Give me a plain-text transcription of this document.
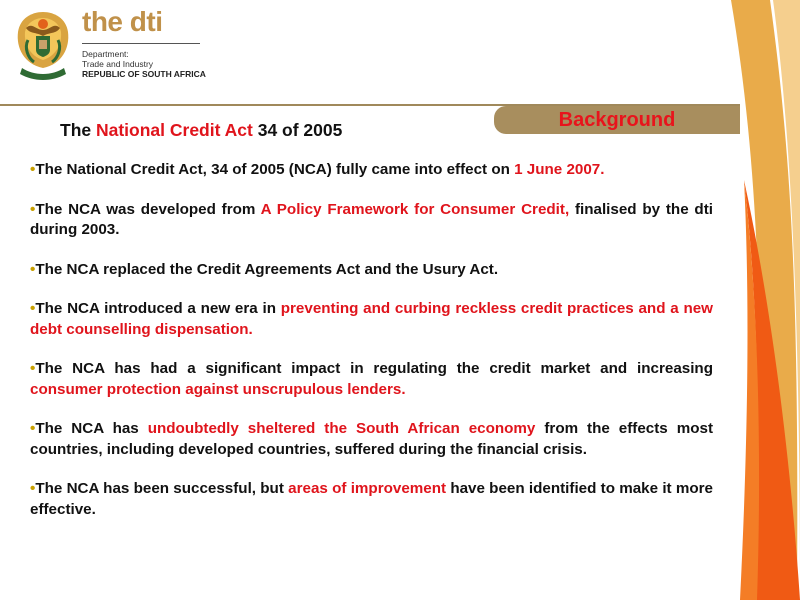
the dti
Department:
Trade and Industry
REPUBLIC OF SOUTH AFRICA
Background
The National Credit Act 34 of 2005

•The National Credit Act, 34 of 2005 (NCA) fully came into effect on 1 June 2007.

•The NCA was developed from A Policy Framework for Consumer Credit, finalised by the dti during 2003.

•The NCA replaced the Credit Agreements Act and the Usury Act.

•The NCA introduced a new era in preventing and curbing reckless credit practices and a new debt counselling dispensation.

•The NCA has had a significant impact in regulating the credit market and increasing consumer protection against unscrupulous lenders.

•The NCA has undoubtedly sheltered the South African economy from the effects most countries, including developed countries, suffered during the financial crisis.

•The NCA has been successful, but areas of improvement have been identified to make it more effective.
